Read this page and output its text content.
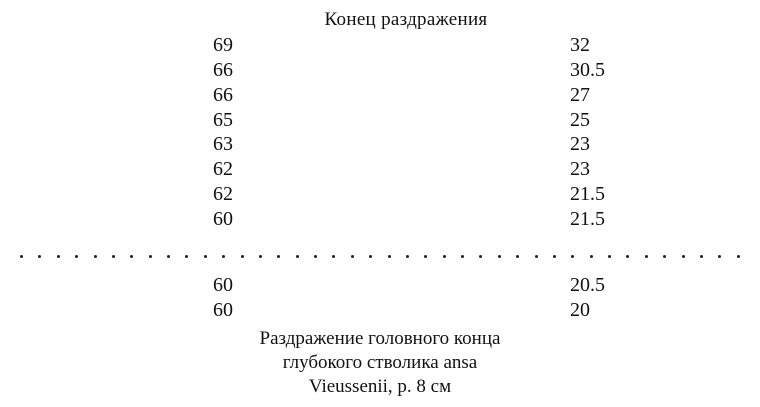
Конец раздражения
69	32
66	30.5
66	27
65	25
63	23
62	23
62	21.5
60	21.5
60	20.5
60	20
Раздражение головного конца
глубокого стволика ansa
Vieussenii, р. 8 см
